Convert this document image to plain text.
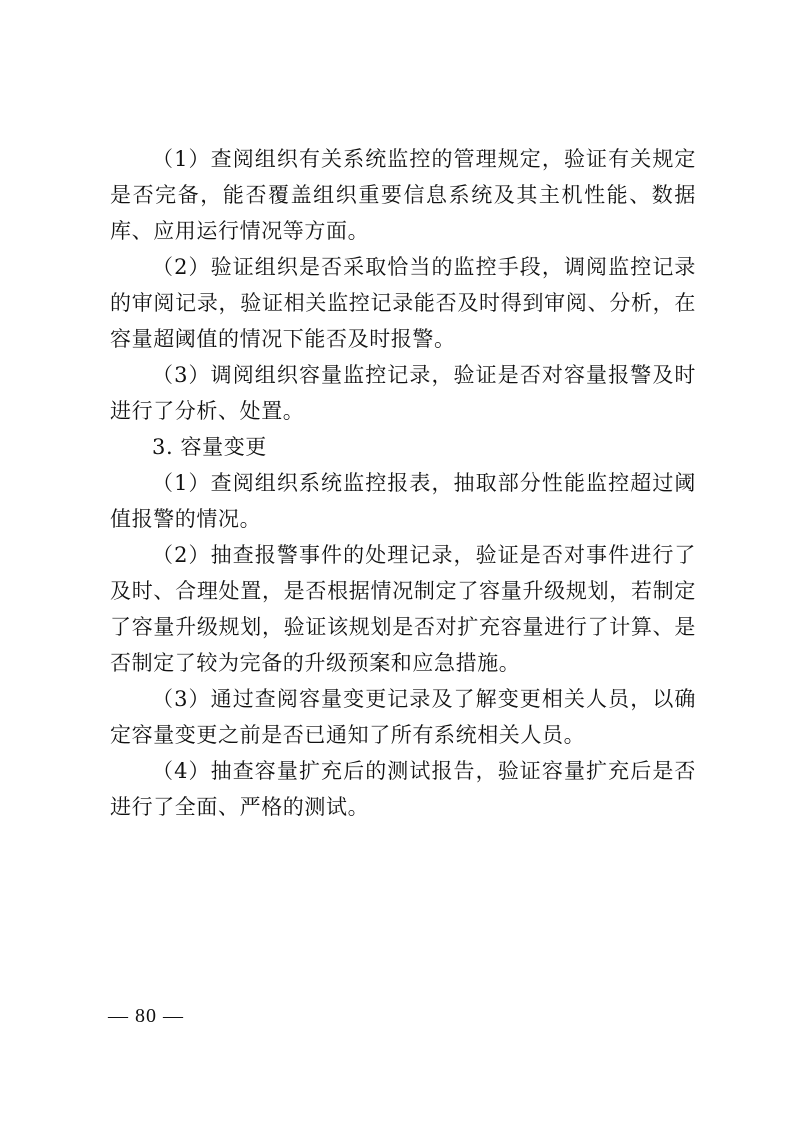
（1）查阅组织有关系统监控的管理规定，验证有关规定是否完备，能否覆盖组织重要信息系统及其主机性能、数据库、应用运行情况等方面。

（2）验证组织是否采取恰当的监控手段，调阅监控记录的审阅记录，验证相关监控记录能否及时得到审阅、分析，在容量超阈值的情况下能否及时报警。

（3）调阅组织容量监控记录，验证是否对容量报警及时进行了分析、处置。

3. 容量变更

（1）查阅组织系统监控报表，抽取部分性能监控超过阈值报警的情况。

（2）抽查报警事件的处理记录，验证是否对事件进行了及时、合理处置，是否根据情况制定了容量升级规划，若制定了容量升级规划，验证该规划是否对扩充容量进行了计算、是否制定了较为完备的升级预案和应急措施。

（3）通过查阅容量变更记录及了解变更相关人员，以确定容量变更之前是否已通知了所有系统相关人员。

（4）抽查容量扩充后的测试报告，验证容量扩充后是否进行了全面、严格的测试。

— 80 —
